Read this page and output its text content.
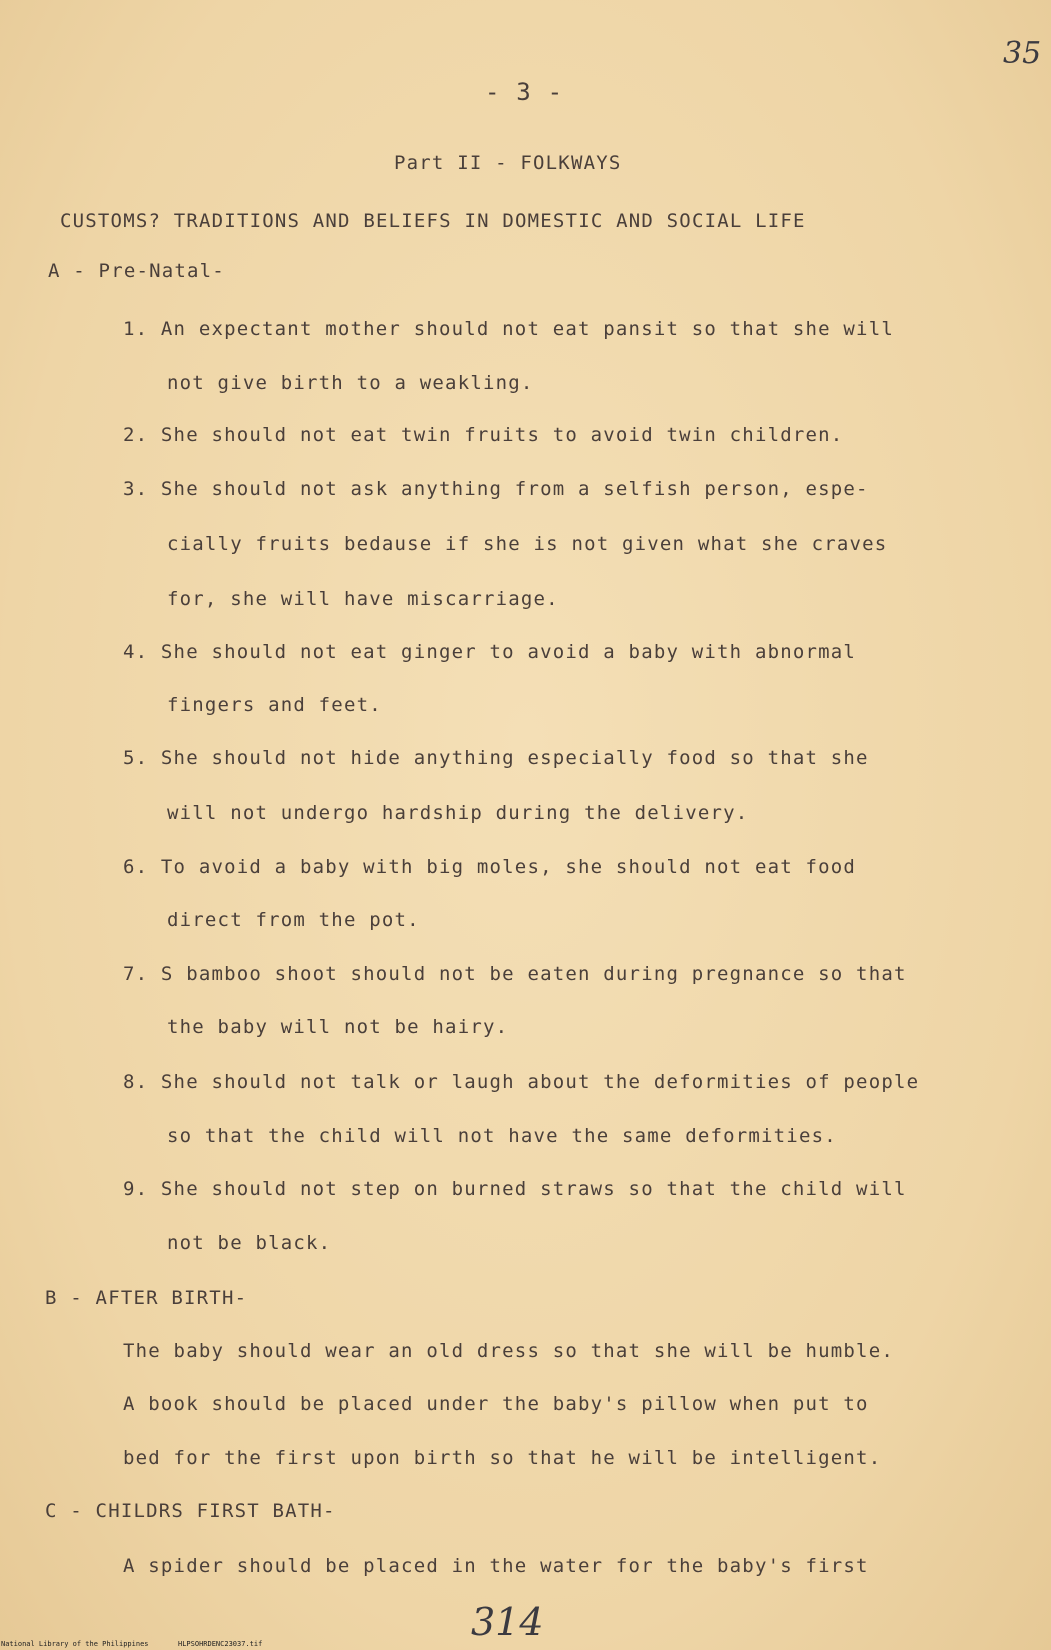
35
- 3 -
Part II - FOLKWAYS
CUSTOMS? TRADITIONS AND BELIEFS IN DOMESTIC AND SOCIAL LIFE
A - Pre-Natal-
1. An expectant mother should not eat pansit so that she will
not give birth to a weakling.
2. She should not eat twin fruits to avoid twin children.
3. She should not ask anything from a selfish person, espe-
cially fruits bedause if she is not given what she craves
for, she will have miscarriage.
4. She should not eat ginger to avoid a baby with abnormal
fingers and feet.
5. She should not hide anything especially food so that she
will not undergo hardship during the delivery.
6. To avoid a baby with big moles, she should not eat food
direct from the pot.
7. S bamboo shoot should not be eaten during pregnance so that
the baby will not be hairy.
8. She should not talk or laugh about the deformities of people
so that the child will not have the same deformities.
9. She should not step on burned straws so that the child will
not be black.
B - AFTER BIRTH-
The baby should wear an old dress so that she will be humble.
A book should be placed under the baby's pillow when put to
bed for the first upon birth so that he will be intelligent.
C - CHILDRS FIRST BATH-
A spider should be placed in the water for the baby's first
314
National Library of the Philippines	HLPSOHRDENC23037.tif
